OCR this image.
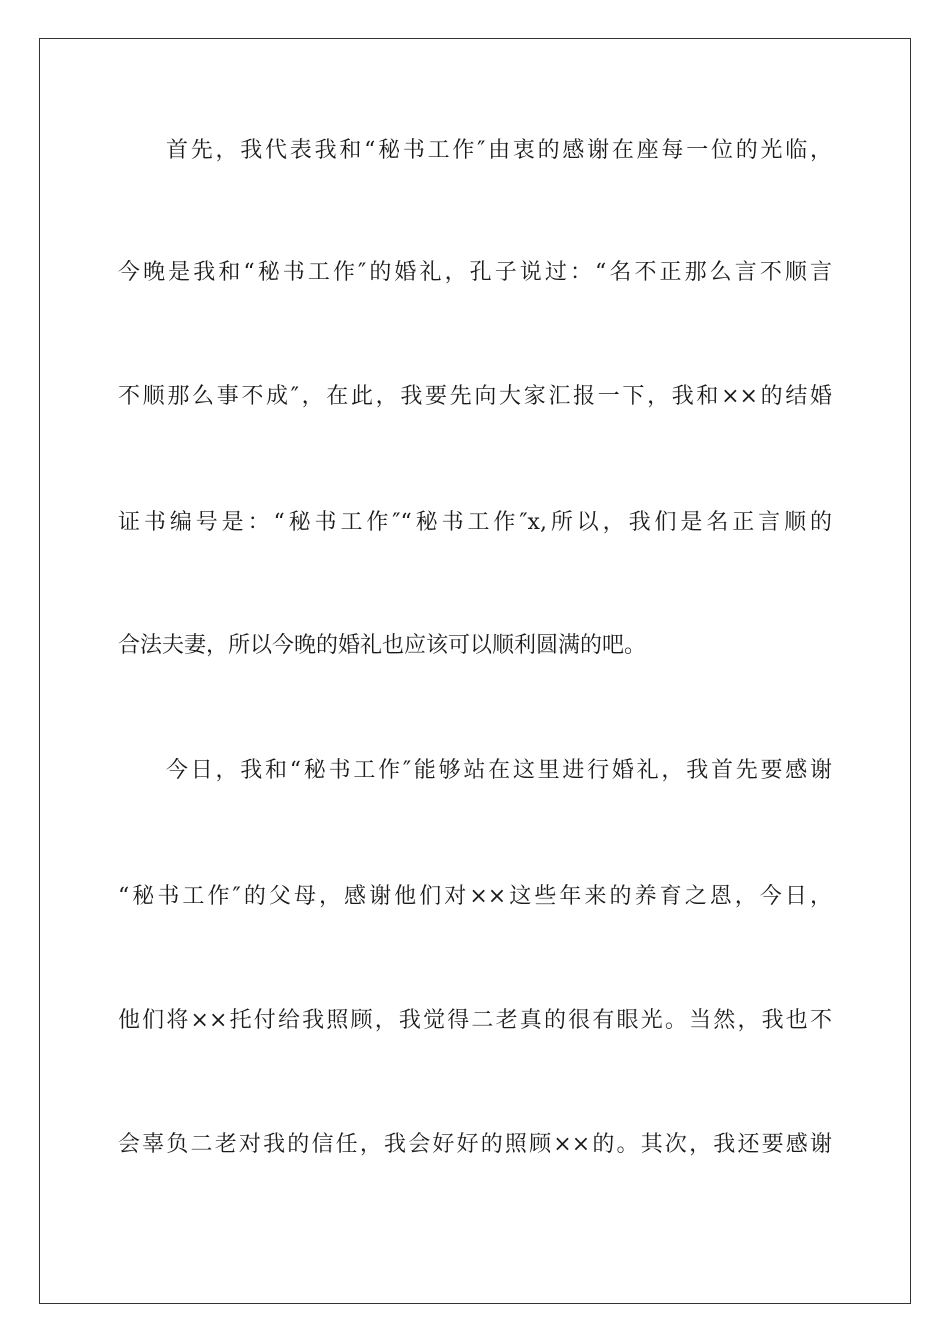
首先，我代表我和“秘书工作″由衷的感谢在座每一位的光临，

今晚是我和“秘书工作″的婚礼，孔子说过：“名不正那么言不顺言

不顺那么事不成″，在此，我要先向大家汇报一下，我和××的结婚

证书编号是：“秘书工作″“秘书工作″x,所以，我们是名正言顺的

合法夫妻，所以今晚的婚礼也应该可以顺利圆满的吧。

今日，我和“秘书工作″能够站在这里进行婚礼，我首先要感谢

“秘书工作″的父母，感谢他们对××这些年来的养育之恩，今日，

他们将××托付给我照顾，我觉得二老真的很有眼光。当然，我也不

会辜负二老对我的信任，我会好好的照顾××的。其次，我还要感谢
